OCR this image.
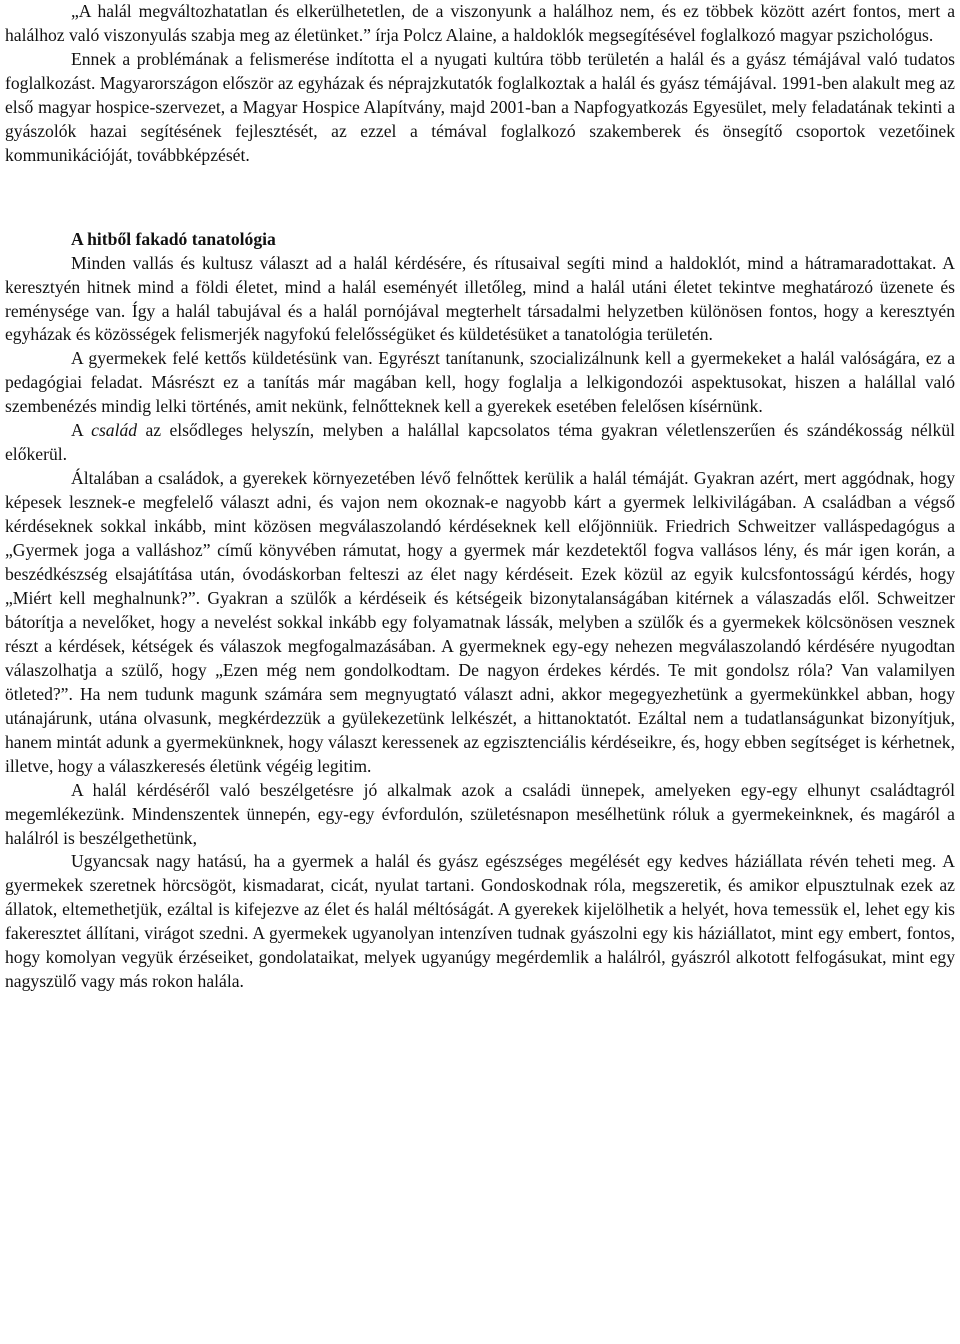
„A halál megváltozhatatlan és elkerülhetetlen, de a viszonyunk a halálhoz nem, és ez többek között azért fontos, mert a halálhoz való viszonyulás szabja meg az életünket.” írja Polcz Alaine, a haldoklók megsegítésével foglalkozó magyar pszichológus.

Ennek a problémának a felismerése indította el a nyugati kultúra több területén a halál és a gyász témájával való tudatos foglalkozást. Magyarországon először az egyházak és néprajzkutatók foglalkoztak a halál és gyász témájával. 1991-ben alakult meg az első magyar hospice-szervezet, a Magyar Hospice Alapítvány, majd 2001-ban a Napfogyatkozás Egyesület, mely feladatának tekinti a gyászolók hazai segítésének fejlesztését, az ezzel a témával foglalkozó szakemberek és önsegítő csoportok vezetőinek kommunikációját, továbbképzését.

A hitből fakadó tanatológia

Minden vallás és kultusz választ ad a halál kérdésére, és rítusaival segíti mind a haldoklót, mind a hátramaradottakat. A keresztyén hitnek mind a földi életet, mind a halál eseményét illetőleg, mind a halál utáni életet tekintve meghatározó üzenete és reménysége van. Így a halál tabujával és a halál pornójával megterhelt társadalmi helyzetben különösen fontos, hogy a keresztyén egyházak és közösségek felismerjék nagyfokú felelősségüket és küldetésüket a tanatológia területén.

A gyermekek felé kettős küldetésünk van. Egyrészt tanítanunk, szocializálnunk kell a gyermekeket a halál valóságára, ez a pedagógiai feladat. Másrészt ez a tanítás már magában kell, hogy foglalja a lelkigondozói aspektusokat, hiszen a halállal való szembenézés mindig lelki történés, amit nekünk, felnőtteknek kell a gyerekek esetében felelősen kísérnünk.

A család az elsődleges helyszín, melyben a halállal kapcsolatos téma gyakran véletlenszerűen és szándékosság nélkül előkerül.

Általában a családok, a gyerekek környezetében lévő felnőttek kerülik a halál témáját. Gyakran azért, mert aggódnak, hogy képesek lesznek-e megfelelő választ adni, és vajon nem okoznak-e nagyobb kárt a gyermek lelkivilágában. A családban a végső kérdéseknek sokkal inkább, mint közösen megválaszolandó kérdéseknek kell előjönniük. Friedrich Schweitzer valláspedagógus a „Gyermek joga a valláshoz” című könyvében rámutat, hogy a gyermek már kezdetektől fogva vallásos lény, és már igen korán, a beszédkészség elsajátítása után, óvodáskorban felteszi az élet nagy kérdéseit. Ezek közül az egyik kulcsfontosságú kérdés, hogy „Miért kell meghalnunk?”. Gyakran a szülők a kérdéseik és kétségeik bizonytalanságában kitérnek a válaszadás elől. Schweitzer bátorítja a nevelőket, hogy a nevelést sokkal inkább egy folyamatnak lássák, melyben a szülők és a gyermekek kölcsönösen vesznek részt a kérdések, kétségek és válaszok megfogalmazásában. A gyermeknek egy-egy nehezen megválaszolandó kérdésére nyugodtan válaszolhatja a szülő, hogy „Ezen még nem gondolkodtam. De nagyon érdekes kérdés. Te mit gondolsz róla? Van valamilyen ötleted?”. Ha nem tudunk magunk számára sem megnyugtató választ adni, akkor megegyezhetünk a gyermekünkkel abban, hogy utánajárunk, utána olvasunk, megkérdezzük a gyülekezetünk lelkészét, a hittanoktatót. Ezáltal nem a tudatlanságunkat bizonyítjuk, hanem mintát adunk a gyermekünknek, hogy választ keressenek az egzisztenciális kérdéseikre, és, hogy ebben segítséget is kérhetnek, illetve, hogy a válaszkeresés életünk végéig legitim.

A halál kérdéséről való beszélgetésre jó alkalmak azok a családi ünnepek, amelyeken egy-egy elhunyt családtagról megemlékezünk. Mindenszentek ünnepén, egy-egy évfordulón, születésnapon mesélhetünk róluk a gyermekeinknek, és magáról a halálról is beszélgethetünk,

Ugyancsak nagy hatású, ha a gyermek a halál és gyász egészséges megélését egy kedves háziállata révén teheti meg. A gyermekek szeretnek hörcsögöt, kismadarat, cicát, nyulat tartani. Gondoskodnak róla, megszeretik, és amikor elpusztulnak ezek az állatok, eltemethetjük, ezáltal is kifejezve az élet és halál méltóságát. A gyerekek kijelölhetik a helyét, hova temessük el, lehet egy kis fakeresztet állítani, virágot szedni. A gyermekek ugyanolyan intenzíven tudnak gyászolni egy kis háziállatot, mint egy embert, fontos, hogy komolyan vegyük érzéseiket, gondolataikat, melyek ugyanúgy megérdemlik a halálról, gyászról alkotott felfogásukat, mint egy nagyszülő vagy más rokon halála.
